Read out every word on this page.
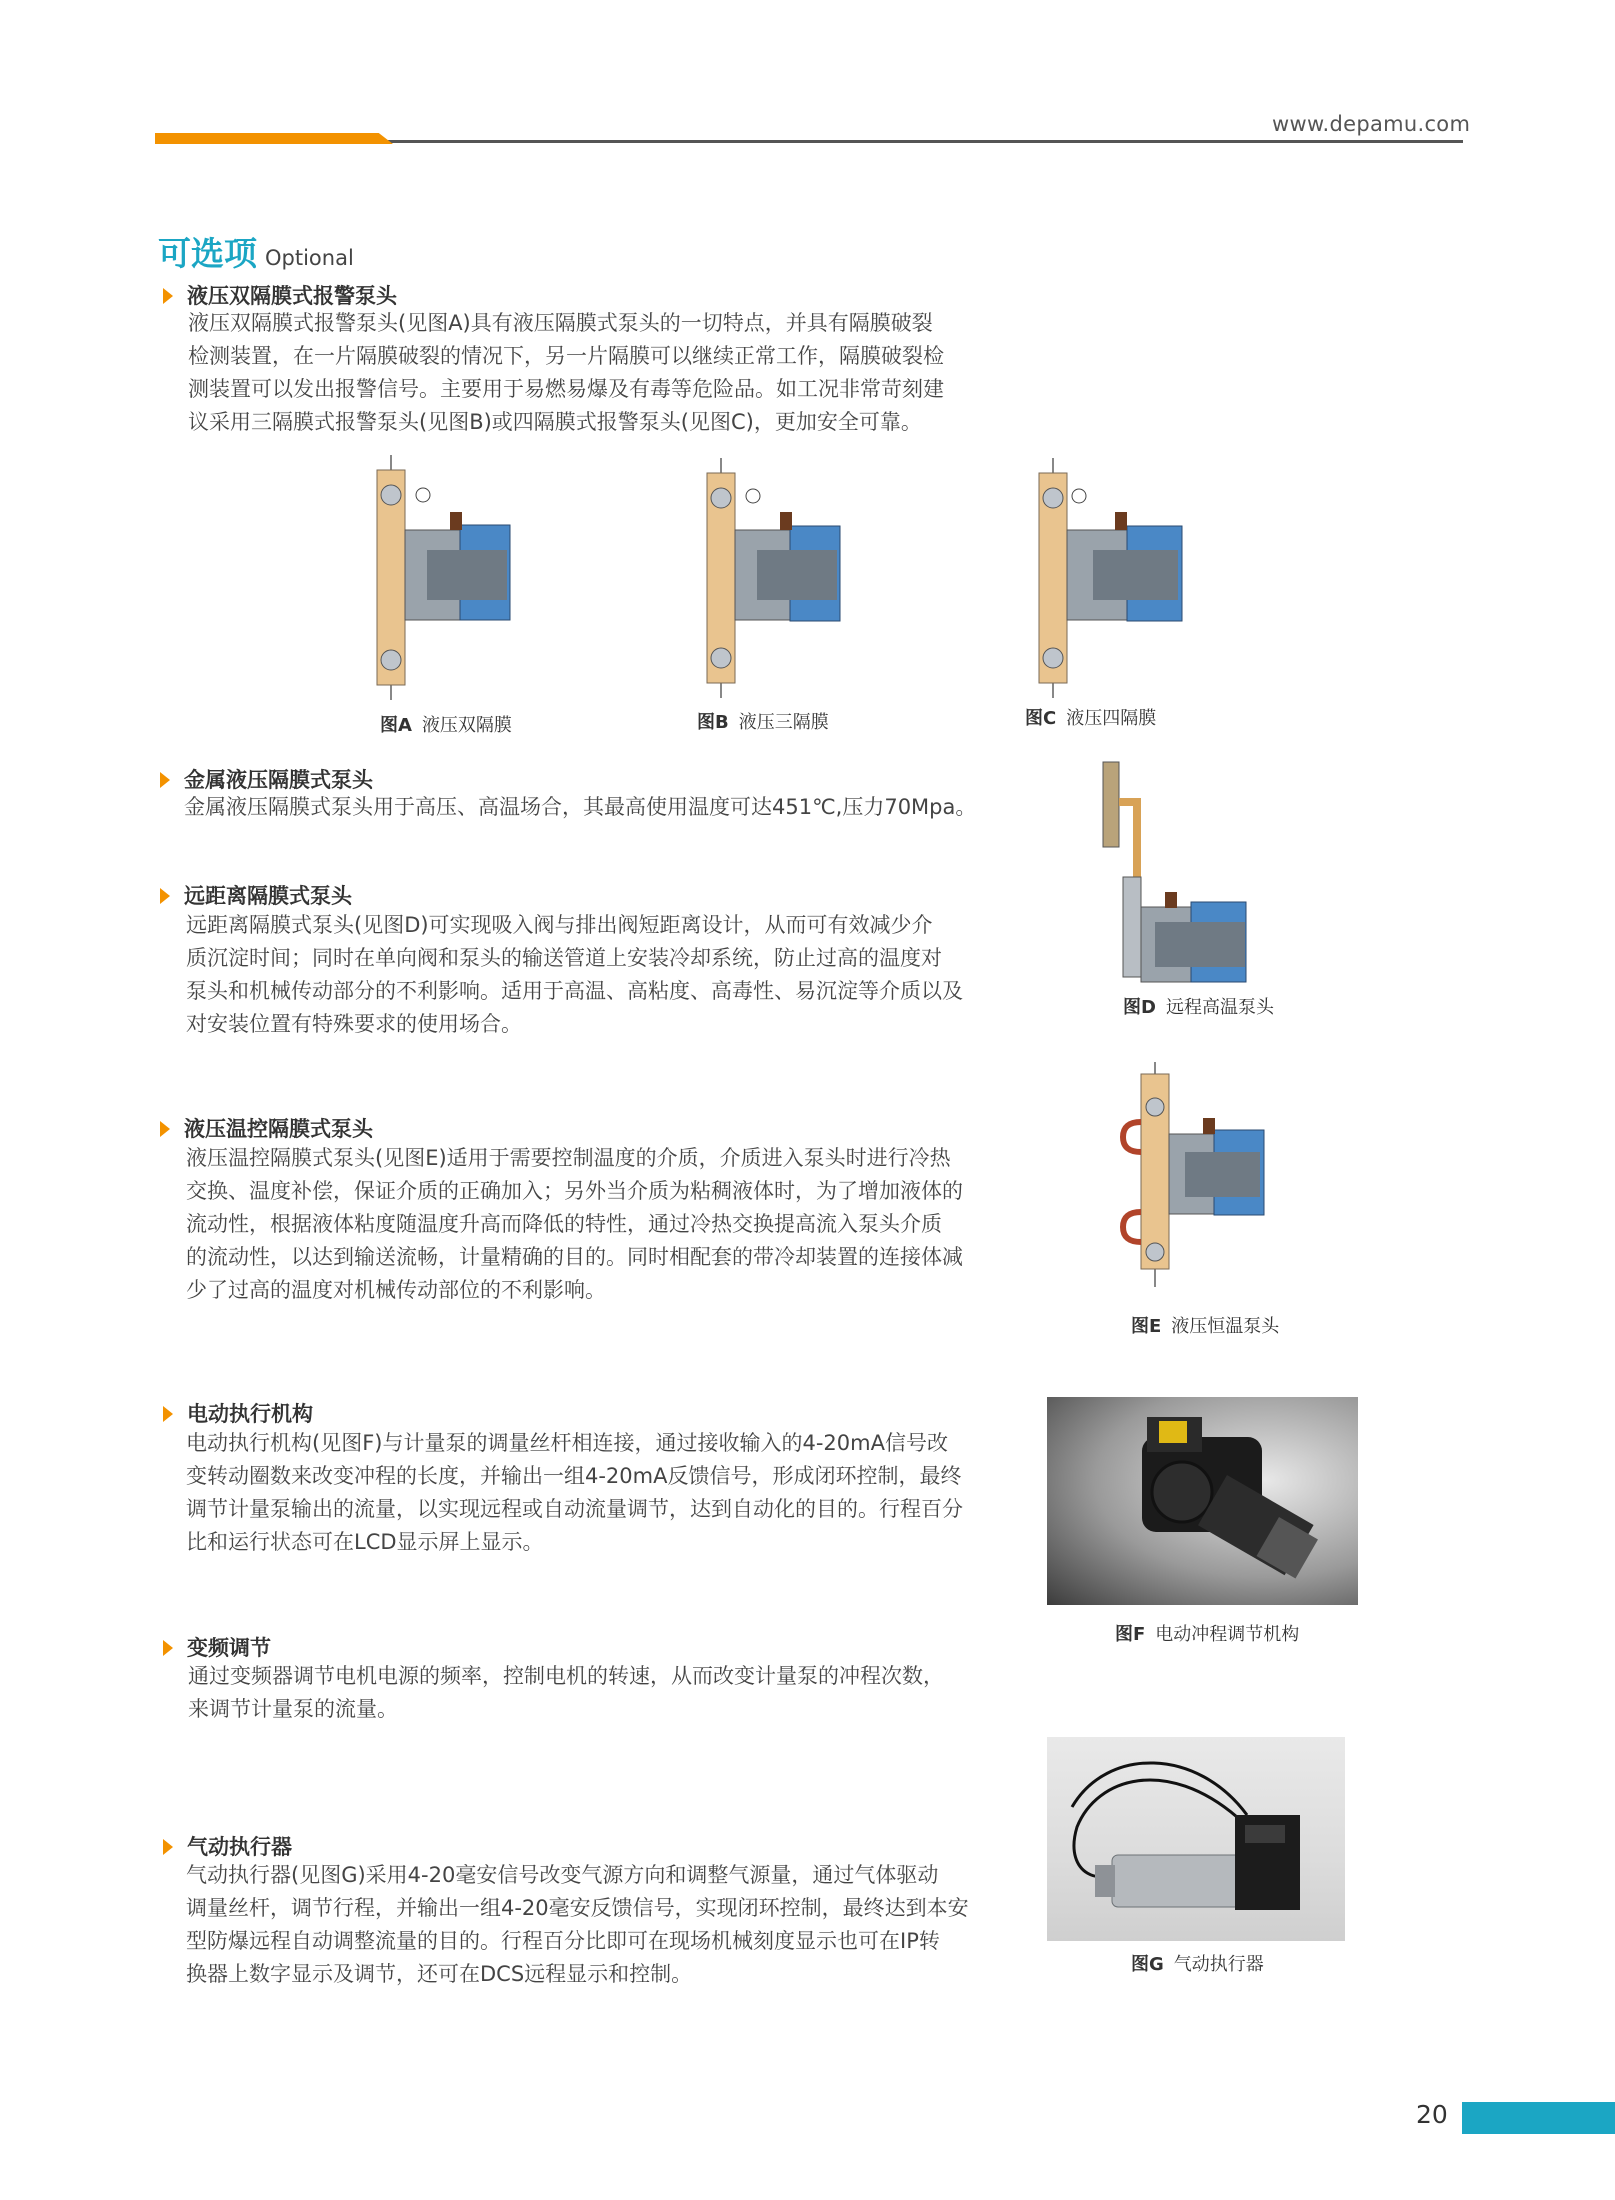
www.depamu.com
可选项 Optional
液压双隔膜式报警泵头
液压双隔膜式报警泵头(见图A)具有液压隔膜式泵头的一切特点，并具有隔膜破裂
检测装置，在一片隔膜破裂的情况下，另一片隔膜可以继续正常工作，隔膜破裂检
测装置可以发出报警信号。主要用于易燃易爆及有毒等危险品。如工况非常苛刻建
议采用三隔膜式报警泵头(见图B)或四隔膜式报警泵头(见图C)，更加安全可靠。
图A 液压双隔膜	图B 液压三隔膜	图C 液压四隔膜
金属液压隔膜式泵头
金属液压隔膜式泵头用于高压、高温场合，其最高使用温度可达451℃,压力70Mpa。
图D 远程高温泵头
远距离隔膜式泵头
远距离隔膜式泵头(见图D)可实现吸入阀与排出阀短距离设计，从而可有效减少介
质沉淀时间；同时在单向阀和泵头的输送管道上安装冷却系统，防止过高的温度对
泵头和机械传动部分的不利影响。适用于高温、高粘度、高毒性、易沉淀等介质以及
对安装位置有特殊要求的使用场合。
图E 液压恒温泵头
液压温控隔膜式泵头
液压温控隔膜式泵头(见图E)适用于需要控制温度的介质，介质进入泵头时进行冷热
交换、温度补偿，保证介质的正确加入；另外当介质为粘稠液体时，为了增加液体的
流动性，根据液体粘度随温度升高而降低的特性，通过冷热交换提高流入泵头介质
的流动性，以达到输送流畅，计量精确的目的。同时相配套的带冷却装置的连接体减
少了过高的温度对机械传动部位的不利影响。
电动执行机构
电动执行机构(见图F)与计量泵的调量丝杆相连接，通过接收输入的4-20mA信号改
变转动圈数来改变冲程的长度，并输出一组4-20mA反馈信号，形成闭环控制，最终
调节计量泵输出的流量，以实现远程或自动流量调节，达到自动化的目的。行程百分
比和运行状态可在LCD显示屏上显示。
图F 电动冲程调节机构
变频调节
通过变频器调节电机电源的频率，控制电机的转速，从而改变计量泵的冲程次数，
来调节计量泵的流量。
图G 气动执行器
气动执行器
气动执行器(见图G)采用4-20毫安信号改变气源方向和调整气源量，通过气体驱动
调量丝杆，调节行程，并输出一组4-20毫安反馈信号，实现闭环控制，最终达到本安
型防爆远程自动调整流量的目的。行程百分比即可在现场机械刻度显示也可在IP转
换器上数字显示及调节，还可在DCS远程显示和控制。
20
